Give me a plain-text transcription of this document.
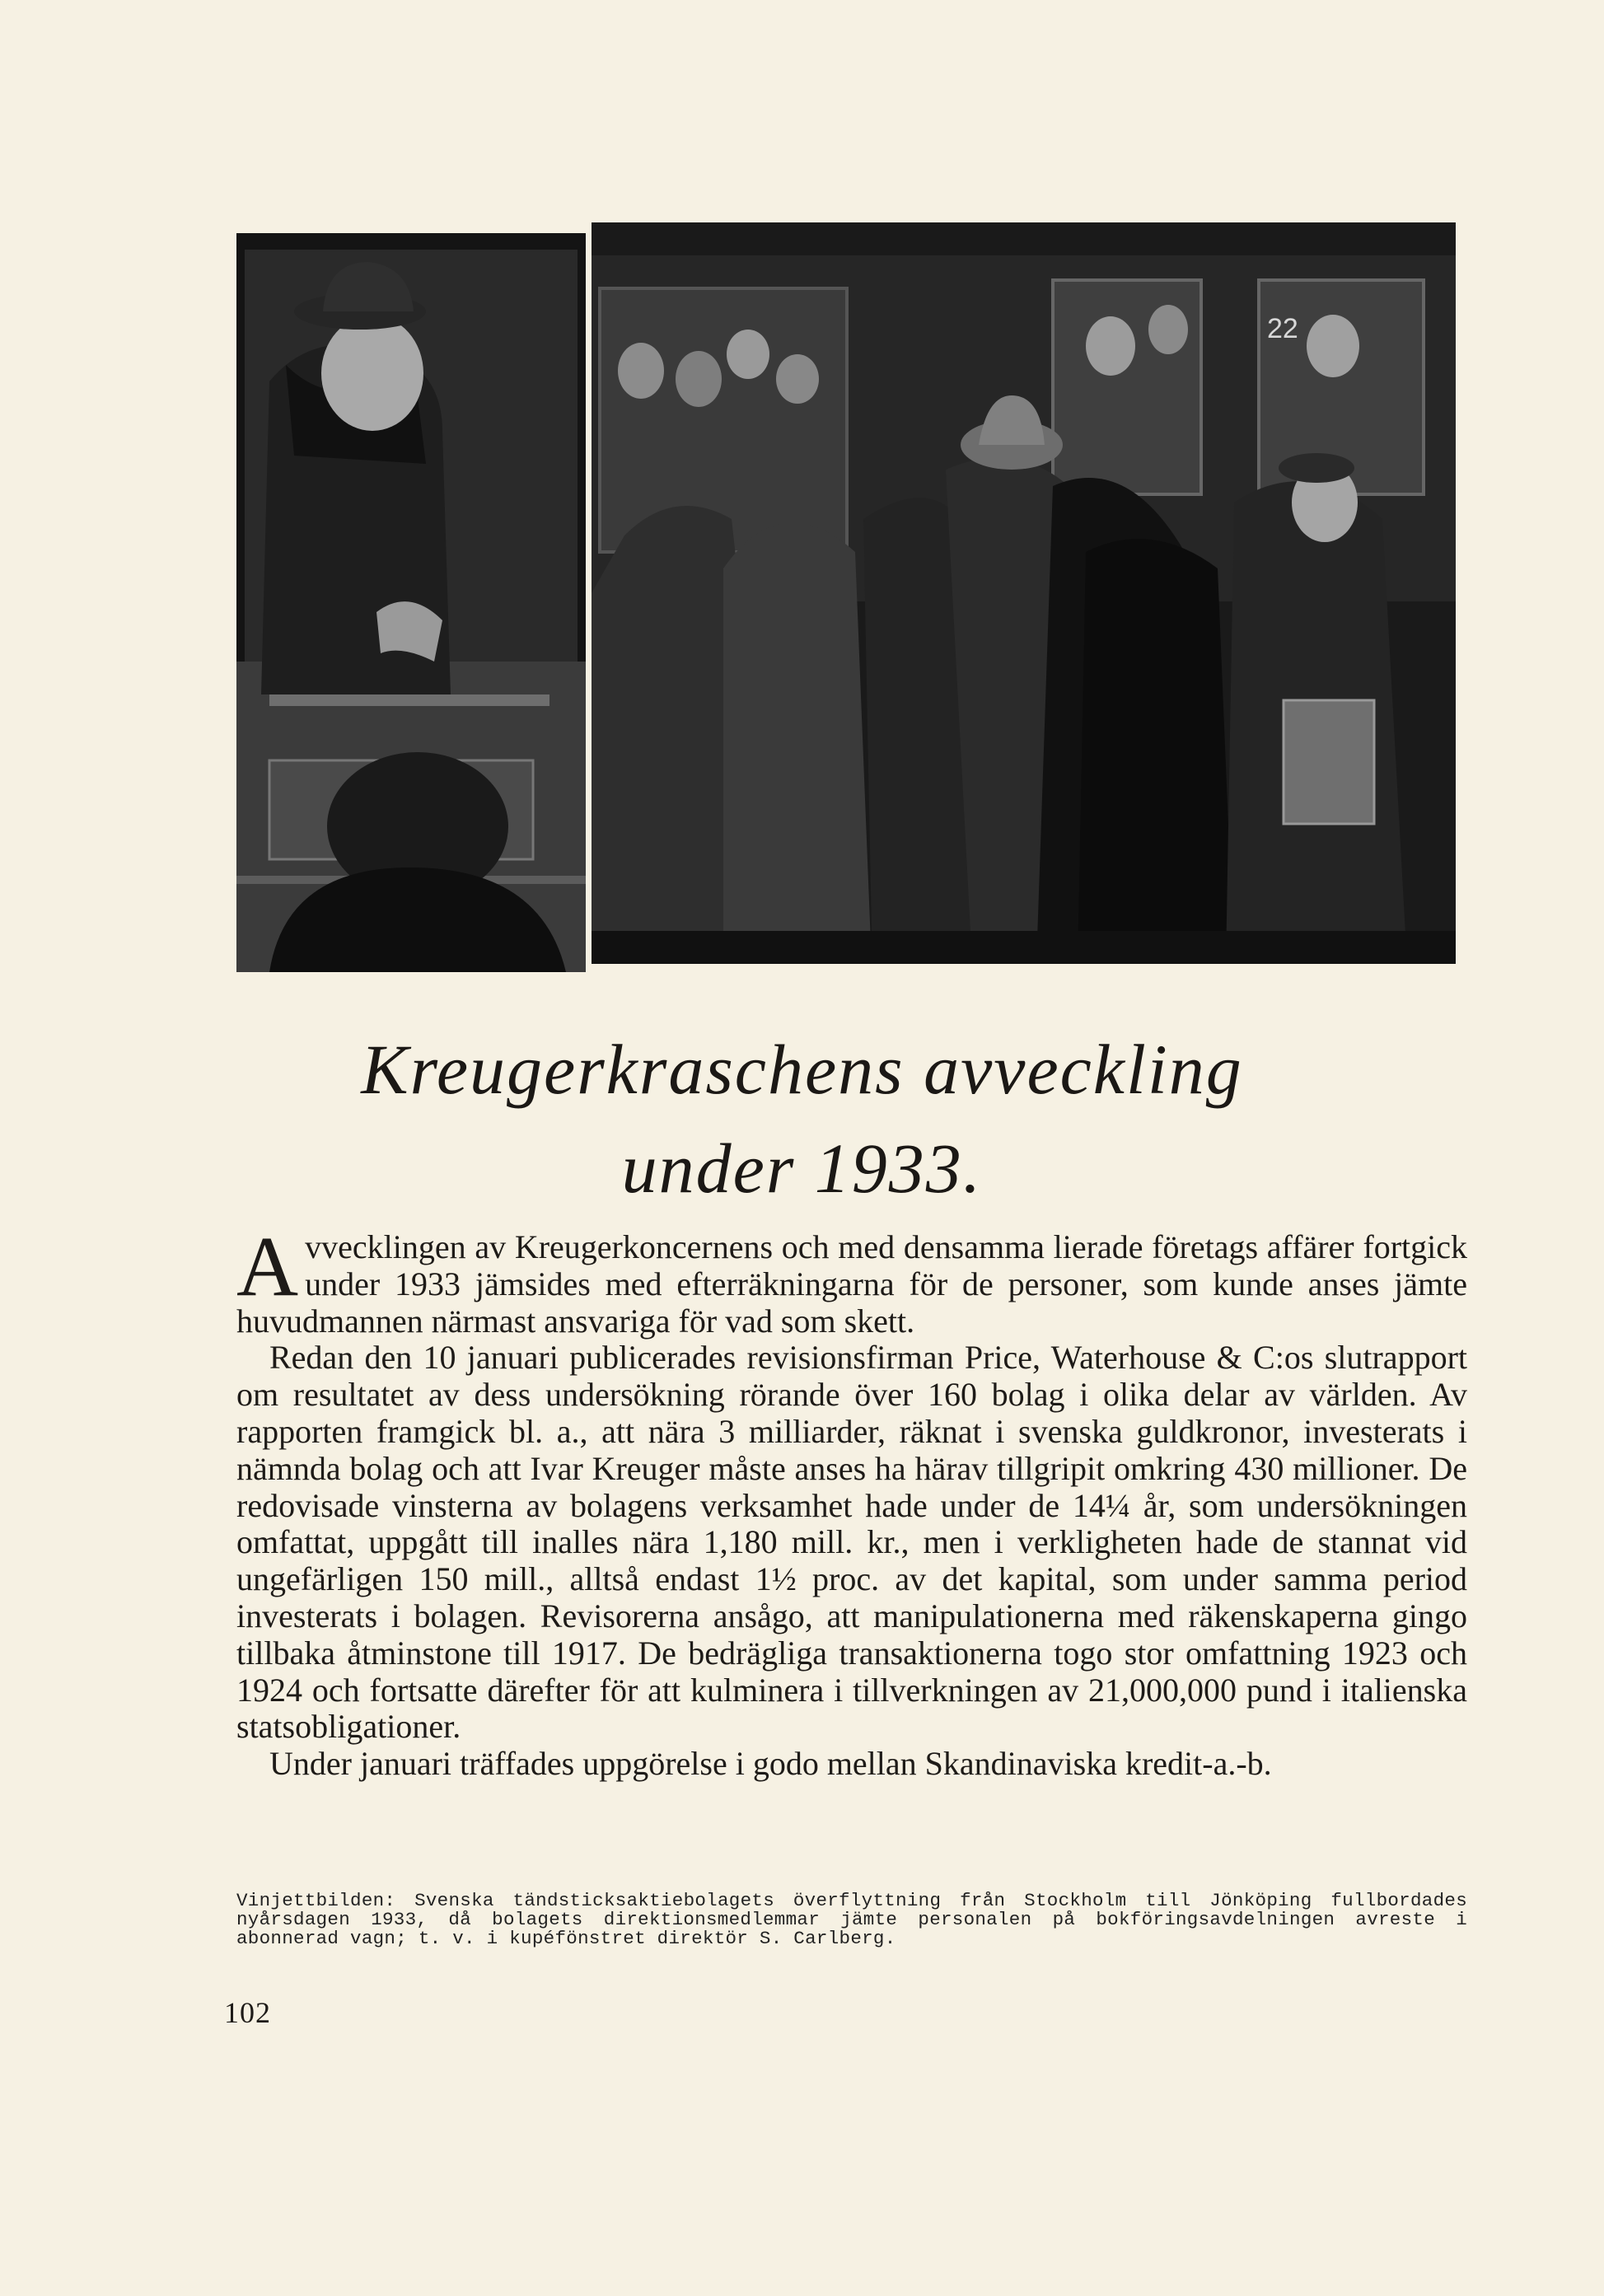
22
Kreugerkraschens avveckling
under 1933.

Avvecklingen av Kreugerkoncernens och med densamma lierade företags affärer fortgick under 1933 jämsides med efterräkningarna för de personer, som kunde anses jämte huvudmannen närmast ansvariga för vad som skett.

Redan den 10 januari publicerades revisionsfirman Price, Waterhouse & C:os slutrapport om resultatet av dess undersökning rörande över 160 bolag i olika delar av världen. Av rapporten framgick bl. a., att nära 3 milliarder, räknat i svenska guldkronor, investerats i nämnda bolag och att Ivar Kreuger måste anses ha härav tillgripit omkring 430 millioner. De redovisade vinsterna av bolagens verksamhet hade under de 14¼ år, som undersökningen omfattat, uppgått till inalles nära 1,180 mill. kr., men i verkligheten hade de stannat vid ungefärligen 150 mill., alltså endast 1½ proc. av det kapital, som under samma period investerats i bolagen. Revisorerna ansågo, att manipulationerna med räkenskaperna gingo tillbaka åtminstone till 1917. De bedrägliga transaktionerna togo stor omfattning 1923 och 1924 och fortsatte därefter för att kulminera i tillverkningen av 21,000,000 pund i italienska statsobligationer.

Under januari träffades uppgörelse i godo mellan Skandinaviska kredit-a.-b.

Vinjettbilden: Svenska tändsticksaktiebolagets överflyttning från Stockholm till Jönköping fullbordades nyårsdagen 1933, då bolagets direktionsmedlemmar jämte personalen på bokföringsavdelningen avreste i abonnerad vagn; t. v. i kupéfönstret direktör S. Carlberg.
102
